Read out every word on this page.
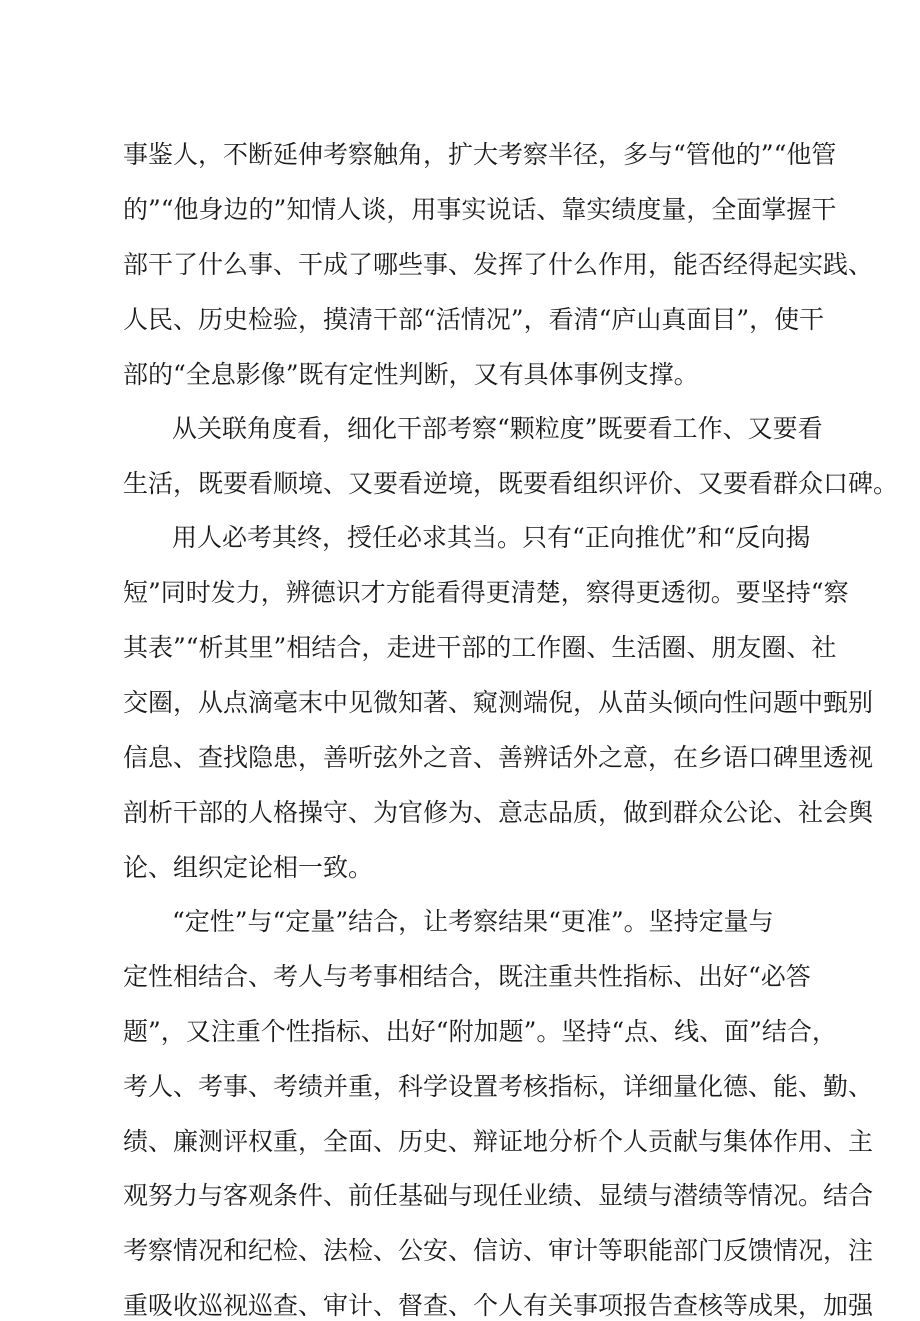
事鉴人，不断延伸考察触角，扩大考察半径，多与“管他的”“他管

的”“他身边的”知情人谈，用事实说话、靠实绩度量，全面掌握干

部干了什么事、干成了哪些事、发挥了什么作用，能否经得起实践、

人民、历史检验，摸清干部“活情况”，看清“庐山真面目”，使干

部的“全息影像”既有定性判断，又有具体事例支撑。

从关联角度看，细化干部考察“颗粒度”既要看工作、又要看

生活，既要看顺境、又要看逆境，既要看组织评价、又要看群众口碑。

用人必考其终，授任必求其当。只有“正向推优”和“反向揭

短”同时发力，辨德识才方能看得更清楚，察得更透彻。要坚持“察

其表”“析其里”相结合，走进干部的工作圈、生活圈、朋友圈、社

交圈，从点滴毫末中见微知著、窥测端倪，从苗头倾向性问题中甄别

信息、查找隐患，善听弦外之音、善辨话外之意，在乡语口碑里透视

剖析干部的人格操守、为官修为、意志品质，做到群众公论、社会舆

论、组织定论相一致。

“定性”与“定量”结合，让考察结果“更准”。坚持定量与

定性相结合、考人与考事相结合，既注重共性指标、出好“必答

题”，又注重个性指标、出好“附加题”。坚持“点、线、面”结合，

考人、考事、考绩并重，科学设置考核指标，详细量化德、能、勤、

绩、廉测评权重，全面、历史、辩证地分析个人贡献与集体作用、主

观努力与客观条件、前任基础与现任业绩、显绩与潜绩等情况。结合

考察情况和纪检、法检、公安、信访、审计等职能部门反馈情况，注

重吸收巡视巡查、审计、督查、个人有关事项报告查核等成果，加强
